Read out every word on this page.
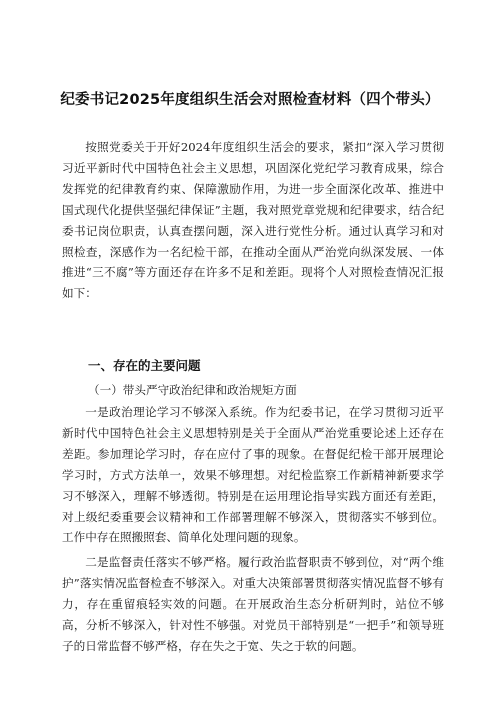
纪委书记2025年度组织生活会对照检查材料（四个带头）

按照党委关于开好2024年度组织生活会的要求，紧扣“深入学习贯彻习近平新时代中国特色社会主义思想，巩固深化党纪学习教育成果，综合发挥党的纪律教育约束、保障激励作用，为进一步全面深化改革、推进中国式现代化提供坚强纪律保证”主题，我对照党章党规和纪律要求，结合纪委书记岗位职责，认真查摆问题，深入进行党性分析。通过认真学习和对照检查，深感作为一名纪检干部，在推动全面从严治党向纵深发展、一体推进“三不腐”等方面还存在许多不足和差距。现将个人对照检查情况汇报如下：

一、存在的主要问题
（一）带头严守政治纪律和政治规矩方面

一是政治理论学习不够深入系统。作为纪委书记，在学习贯彻习近平新时代中国特色社会主义思想特别是关于全面从严治党重要论述上还存在差距。参加理论学习时，存在应付了事的现象。在督促纪检干部开展理论学习时，方式方法单一，效果不够理想。对纪检监察工作新精神新要求学习不够深入，理解不够透彻。特别是在运用理论指导实践方面还有差距，对上级纪委重要会议精神和工作部署理解不够深入，贯彻落实不够到位。工作中存在照搬照套、简单化处理问题的现象。

二是监督责任落实不够严格。履行政治监督职责不够到位，对“两个维护”落实情况监督检查不够深入。对重大决策部署贯彻落实情况监督不够有力，存在重留痕轻实效的问题。在开展政治生态分析研判时，站位不够高，分析不够深入，针对性不够强。对党员干部特别是“一把手”和领导班子的日常监督不够严格，存在失之于宽、失之于软的问题。
